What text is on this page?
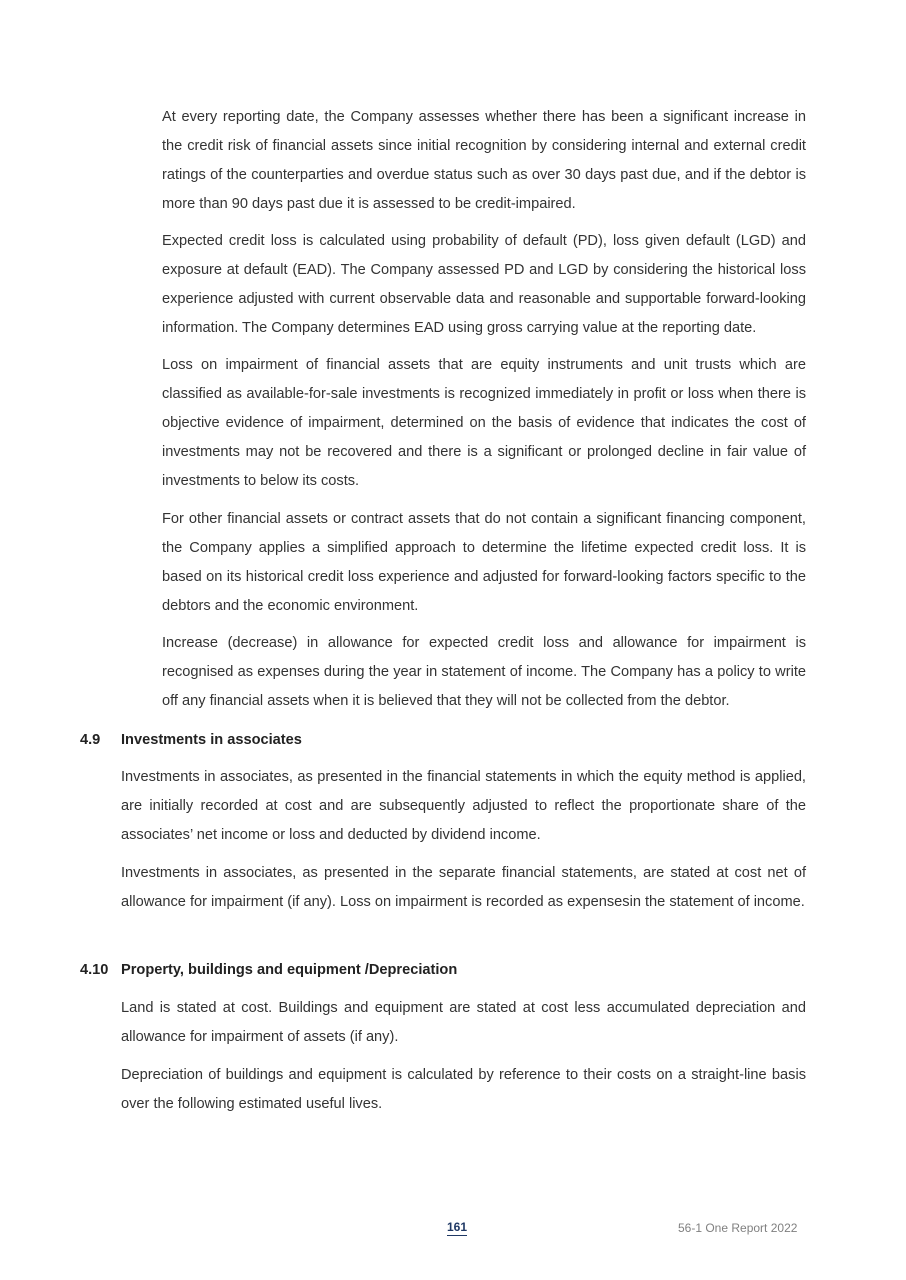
At every reporting date, the Company assesses whether there has been a significant increase in the credit risk of financial assets since initial recognition by considering internal and external credit ratings of the counterparties and overdue status such as over 30 days past due, and if the debtor is more than 90 days past due it is assessed to be credit-impaired.

Expected credit loss is calculated using probability of default (PD), loss given default (LGD) and exposure at default (EAD). The Company assessed PD and LGD by considering the historical loss experience adjusted with current observable data and reasonable and supportable forward-looking information. The Company determines EAD using gross carrying value at the reporting date.

Loss on impairment of financial assets that are equity instruments and unit trusts which are classified as available-for-sale investments is recognized immediately in profit or loss when there is objective evidence of impairment, determined on the basis of evidence that indicates the cost of investments may not be recovered and there is a significant or prolonged decline in fair value of investments to below its costs.

For other financial assets or contract assets that do not contain a significant financing component, the Company applies a simplified approach to determine the lifetime expected credit loss. It is based on its historical credit loss experience and adjusted for forward-looking factors specific to the debtors and the economic environment.

Increase (decrease) in allowance for expected credit loss and allowance for impairment is recognised as expenses during the year in statement of income. The Company has a policy to write off any financial assets when it is believed that they will not be collected from the debtor.

4.9 Investments in associates

Investments in associates, as presented in the financial statements in which the equity method is applied, are initially recorded at cost and are subsequently adjusted to reflect the proportionate share of the associates’ net income or loss and deducted by dividend income.

Investments in associates, as presented in the separate financial statements, are stated at cost net of allowance for impairment (if any). Loss on impairment is recorded as expensesin the statement of income.

4.10 Property, buildings and equipment /Depreciation

Land is stated at cost. Buildings and equipment are stated at cost less accumulated depreciation and allowance for impairment of assets (if any).

Depreciation of buildings and equipment is calculated by reference to their costs on a straight-line basis over the following estimated useful lives.

161	56-1 One Report 2022
